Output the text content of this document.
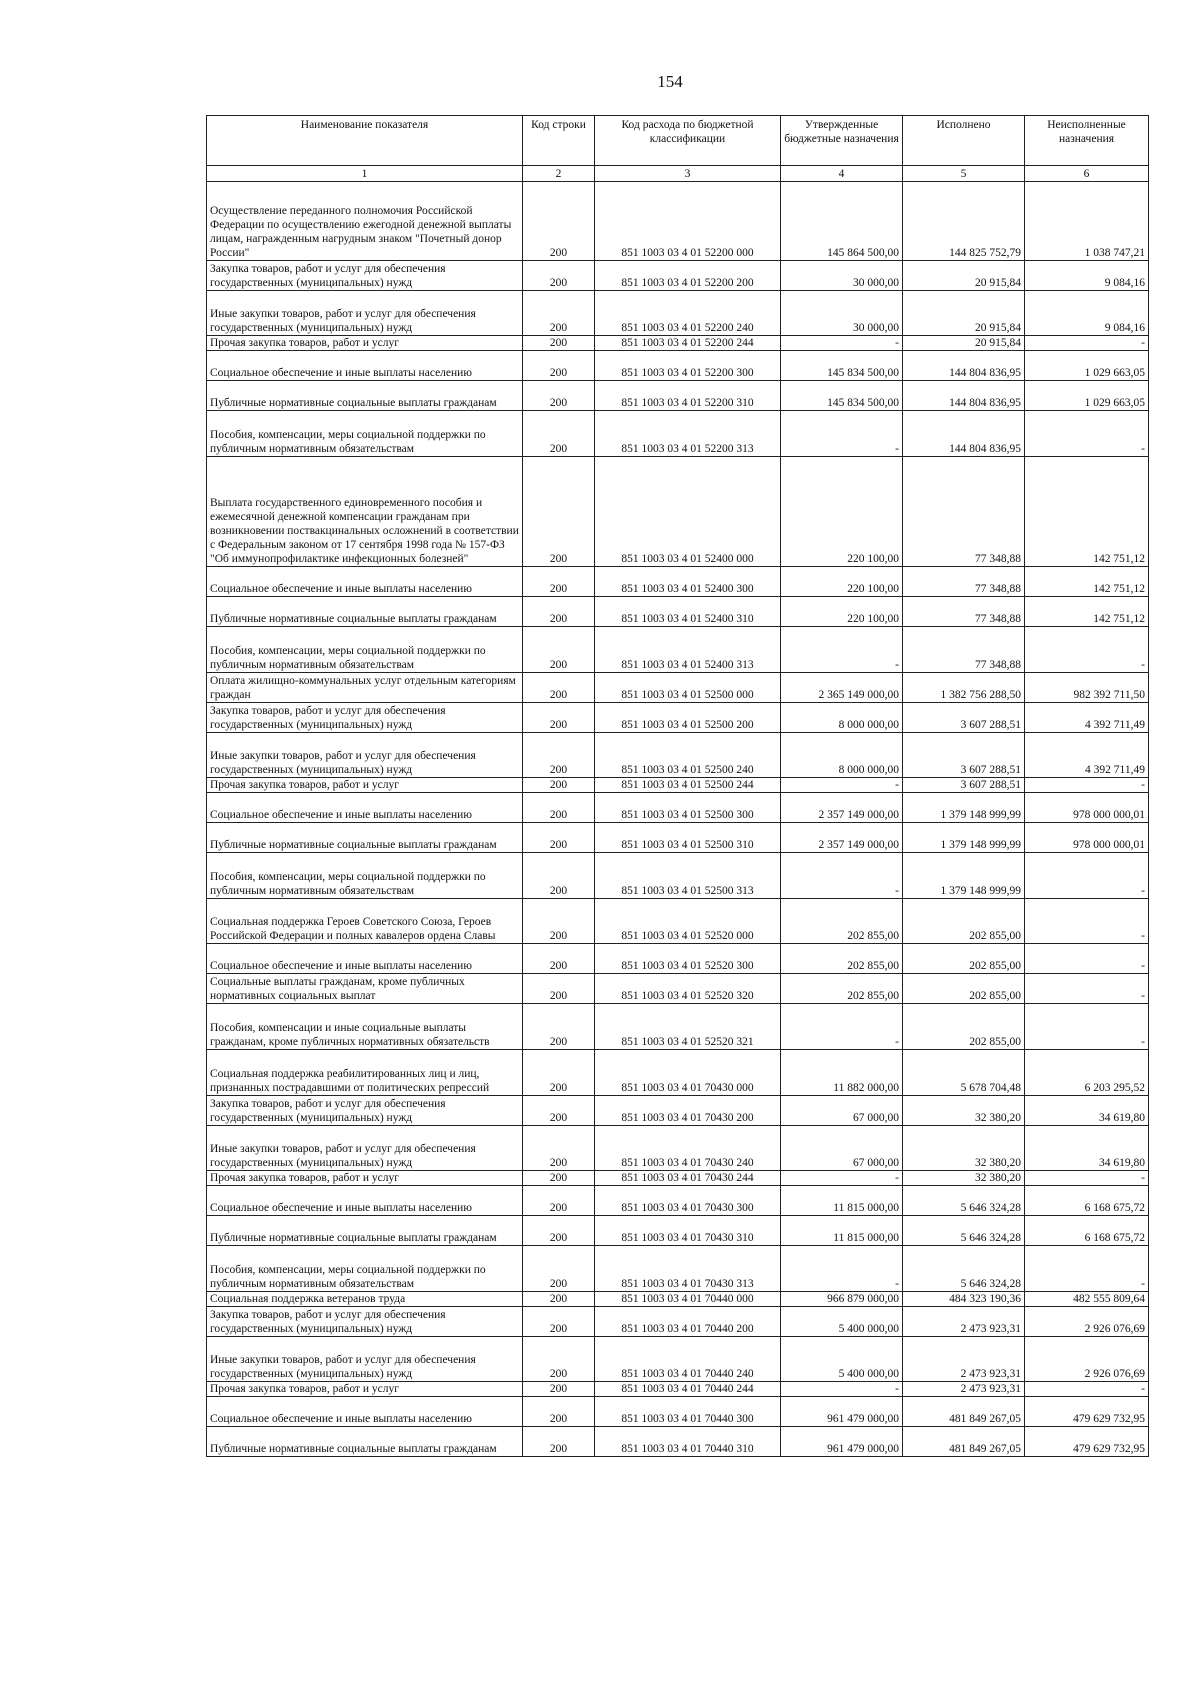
154
Наименование показателя	Код строки	Код расхода по бюджетной классификации	Утвержденные бюджетные назначения	Исполнено	Неисполненные назначения
1	2	3	4	5	6
Осуществление переданного полномочия Российской Федерации по осуществлению ежегодной денежной выплаты лицам, награжденным нагрудным знаком "Почетный донор России"	200	851 1003 03 4 01 52200 000	145 864 500,00	144 825 752,79	1 038 747,21
Закупка товаров, работ и услуг для обеспечения государственных (муниципальных) нужд	200	851 1003 03 4 01 52200 200	30 000,00	20 915,84	9 084,16
Иные закупки товаров, работ и услуг для обеспечения государственных (муниципальных) нужд	200	851 1003 03 4 01 52200 240	30 000,00	20 915,84	9 084,16
Прочая закупка товаров, работ и услуг	200	851 1003 03 4 01 52200 244	-	20 915,84	-
Социальное обеспечение и иные выплаты населению	200	851 1003 03 4 01 52200 300	145 834 500,00	144 804 836,95	1 029 663,05
Публичные нормативные социальные выплаты гражданам	200	851 1003 03 4 01 52200 310	145 834 500,00	144 804 836,95	1 029 663,05
Пособия, компенсации, меры социальной поддержки по публичным нормативным обязательствам	200	851 1003 03 4 01 52200 313	-	144 804 836,95	-
Выплата государственного единовременного пособия и ежемесячной денежной компенсации гражданам при возникновении поствакцинальных осложнений в соответствии с Федеральным законом от 17 сентября 1998 года № 157-ФЗ "Об иммунопрофилактике инфекционных болезней"	200	851 1003 03 4 01 52400 000	220 100,00	77 348,88	142 751,12
Социальное обеспечение и иные выплаты населению	200	851 1003 03 4 01 52400 300	220 100,00	77 348,88	142 751,12
Публичные нормативные социальные выплаты гражданам	200	851 1003 03 4 01 52400 310	220 100,00	77 348,88	142 751,12
Пособия, компенсации, меры социальной поддержки по публичным нормативным обязательствам	200	851 1003 03 4 01 52400 313	-	77 348,88	-
Оплата жилищно-коммунальных услуг отдельным категориям граждан	200	851 1003 03 4 01 52500 000	2 365 149 000,00	1 382 756 288,50	982 392 711,50
Закупка товаров, работ и услуг для обеспечения государственных (муниципальных) нужд	200	851 1003 03 4 01 52500 200	8 000 000,00	3 607 288,51	4 392 711,49
Иные закупки товаров, работ и услуг для обеспечения государственных (муниципальных) нужд	200	851 1003 03 4 01 52500 240	8 000 000,00	3 607 288,51	4 392 711,49
Прочая закупка товаров, работ и услуг	200	851 1003 03 4 01 52500 244	-	3 607 288,51	-
Социальное обеспечение и иные выплаты населению	200	851 1003 03 4 01 52500 300	2 357 149 000,00	1 379 148 999,99	978 000 000,01
Публичные нормативные социальные выплаты гражданам	200	851 1003 03 4 01 52500 310	2 357 149 000,00	1 379 148 999,99	978 000 000,01
Пособия, компенсации, меры социальной поддержки по публичным нормативным обязательствам	200	851 1003 03 4 01 52500 313	-	1 379 148 999,99	-
Социальная поддержка Героев Советского Союза, Героев Российской Федерации и полных кавалеров ордена Славы	200	851 1003 03 4 01 52520 000	202 855,00	202 855,00	-
Социальное обеспечение и иные выплаты населению	200	851 1003 03 4 01 52520 300	202 855,00	202 855,00	-
Социальные выплаты гражданам, кроме публичных нормативных социальных выплат	200	851 1003 03 4 01 52520 320	202 855,00	202 855,00	-
Пособия, компенсации и иные социальные выплаты гражданам, кроме публичных нормативных обязательств	200	851 1003 03 4 01 52520 321	-	202 855,00	-
Социальная поддержка реабилитированных лиц и лиц, признанных пострадавшими от политических репрессий	200	851 1003 03 4 01 70430 000	11 882 000,00	5 678 704,48	6 203 295,52
Закупка товаров, работ и услуг для обеспечения государственных (муниципальных) нужд	200	851 1003 03 4 01 70430 200	67 000,00	32 380,20	34 619,80
Иные закупки товаров, работ и услуг для обеспечения государственных (муниципальных) нужд	200	851 1003 03 4 01 70430 240	67 000,00	32 380,20	34 619,80
Прочая закупка товаров, работ и услуг	200	851 1003 03 4 01 70430 244	-	32 380,20	-
Социальное обеспечение и иные выплаты населению	200	851 1003 03 4 01 70430 300	11 815 000,00	5 646 324,28	6 168 675,72
Публичные нормативные социальные выплаты гражданам	200	851 1003 03 4 01 70430 310	11 815 000,00	5 646 324,28	6 168 675,72
Пособия, компенсации, меры социальной поддержки по публичным нормативным обязательствам	200	851 1003 03 4 01 70430 313	-	5 646 324,28	-
Социальная поддержка ветеранов труда	200	851 1003 03 4 01 70440 000	966 879 000,00	484 323 190,36	482 555 809,64
Закупка товаров, работ и услуг для обеспечения государственных (муниципальных) нужд	200	851 1003 03 4 01 70440 200	5 400 000,00	2 473 923,31	2 926 076,69
Иные закупки товаров, работ и услуг для обеспечения государственных (муниципальных) нужд	200	851 1003 03 4 01 70440 240	5 400 000,00	2 473 923,31	2 926 076,69
Прочая закупка товаров, работ и услуг	200	851 1003 03 4 01 70440 244	-	2 473 923,31	-
Социальное обеспечение и иные выплаты населению	200	851 1003 03 4 01 70440 300	961 479 000,00	481 849 267,05	479 629 732,95
Публичные нормативные социальные выплаты гражданам	200	851 1003 03 4 01 70440 310	961 479 000,00	481 849 267,05	479 629 732,95
